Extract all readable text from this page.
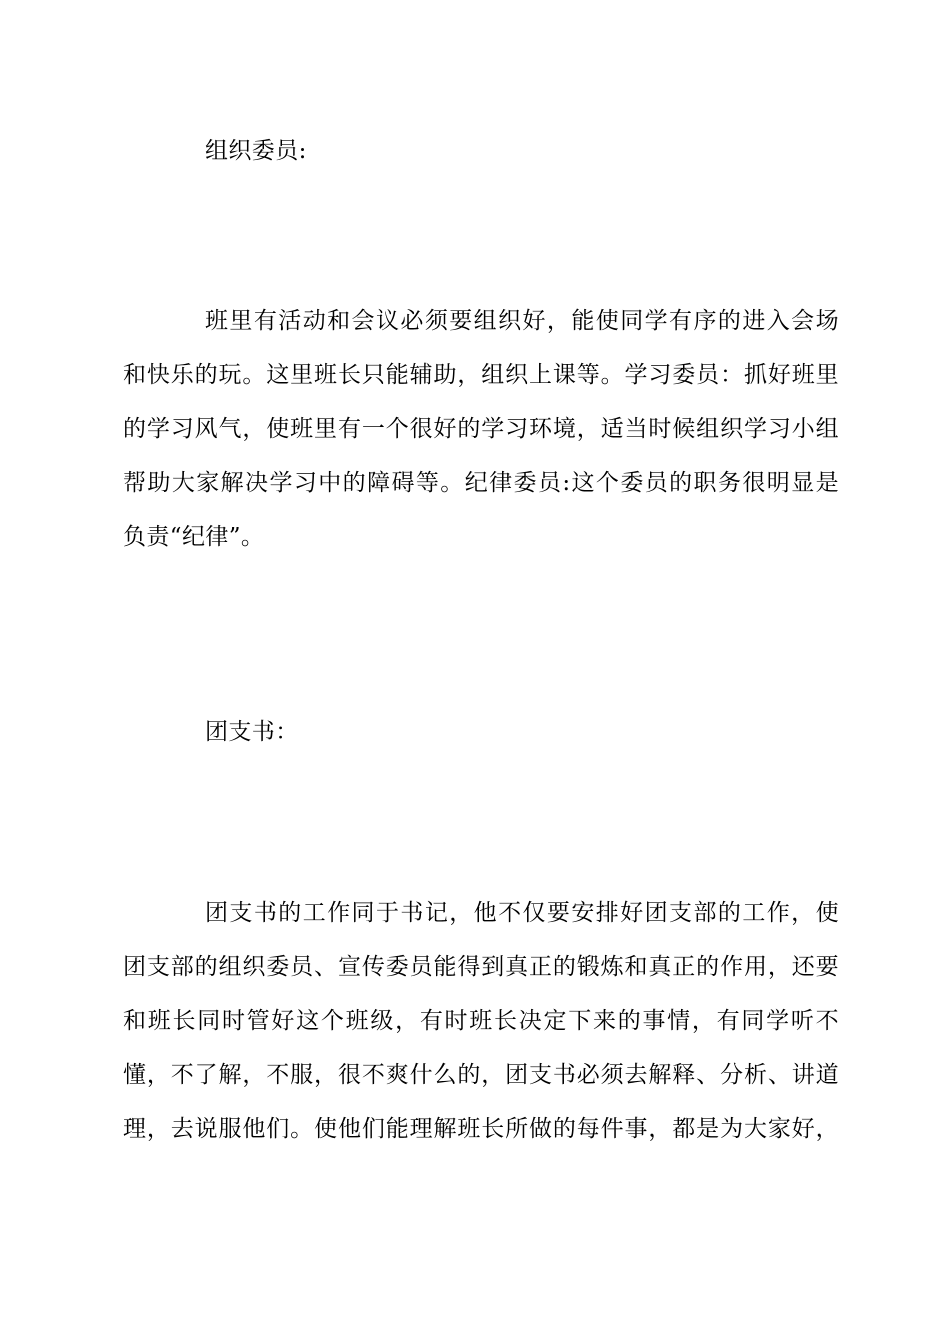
组织委员:
班里有活动和会议必须要组织好，能使同学有序的进入会场
和快乐的玩。这里班长只能辅助，组织上课等。学习委员：抓好班里
的学习风气，使班里有一个很好的学习环境，适当时候组织学习小组
帮助大家解决学习中的障碍等。纪律委员:这个委员的职务很明显是
负责“纪律”。
团支书：
团支书的工作同于书记，他不仅要安排好团支部的工作，使
团支部的组织委员、宣传委员能得到真正的锻炼和真正的作用，还要
和班长同时管好这个班级，有时班长决定下来的事情，有同学听不
懂，不了解，不服，很不爽什么的，团支书必须去解释、分析、讲道
理，去说服他们。使他们能理解班长所做的每件事，都是为大家好，
